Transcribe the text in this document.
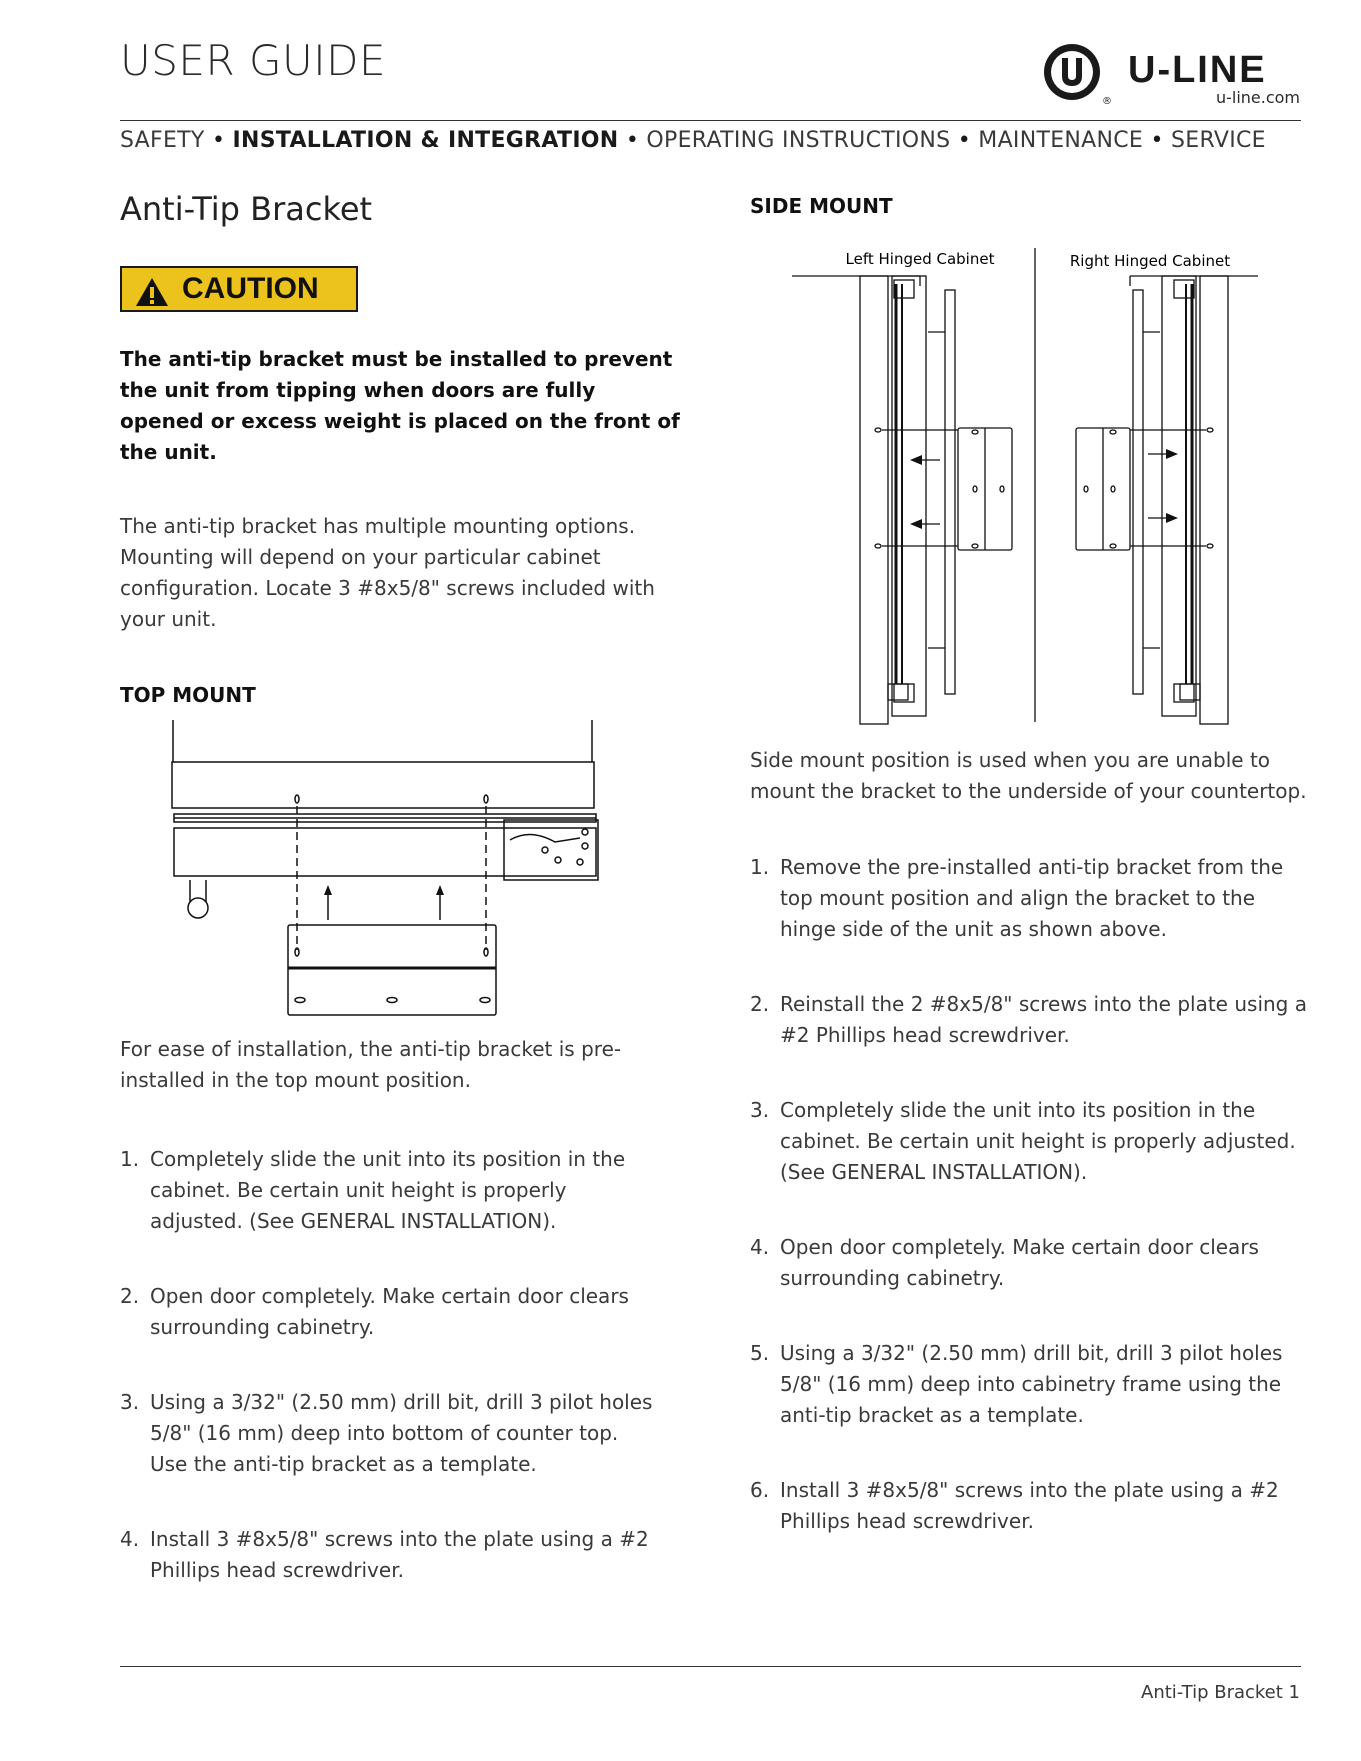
USER GUIDE
®
U-LINE
u-line.com
SAFETY • INSTALLATION & INTEGRATION • OPERATING INSTRUCTIONS • MAINTENANCE • SERVICE
Anti-Tip Bracket
CAUTION
The anti-tip bracket must be installed to prevent the unit from tipping when doors are fully opened or excess weight is placed on the front of the unit.
The anti-tip bracket has multiple mounting options. Mounting will depend on your particular cabinet configuration. Locate 3 #8x5/8" screws included with your unit.
TOP MOUNT
For ease of installation, the anti-tip bracket is pre-installed in the top mount position.
1. Completely slide the unit into its position in the cabinet. Be certain unit height is properly adjusted. (See GENERAL INSTALLATION).
2. Open door completely. Make certain door clears surrounding cabinetry.
3. Using a 3/32" (2.50 mm) drill bit, drill 3 pilot holes 5/8" (16 mm) deep into bottom of counter top. Use the anti-tip bracket as a template.
4. Install 3 #8x5/8" screws into the plate using a #2 Phillips head screwdriver.
SIDE MOUNT
Left Hinged Cabinet	Right Hinged Cabinet
Side mount position is used when you are unable to mount the bracket to the underside of your countertop.
1. Remove the pre-installed anti-tip bracket from the top mount position and align the bracket to the hinge side of the unit as shown above.
2. Reinstall the 2 #8x5/8" screws into the plate using a #2 Phillips head screwdriver.
3. Completely slide the unit into its position in the cabinet. Be certain unit height is properly adjusted. (See GENERAL INSTALLATION).
4. Open door completely. Make certain door clears surrounding cabinetry.
5. Using a 3/32" (2.50 mm) drill bit, drill 3 pilot holes 5/8" (16 mm) deep into cabinetry frame using the anti-tip bracket as a template.
6. Install 3 #8x5/8" screws into the plate using a #2 Phillips head screwdriver.
Anti-Tip Bracket 1
